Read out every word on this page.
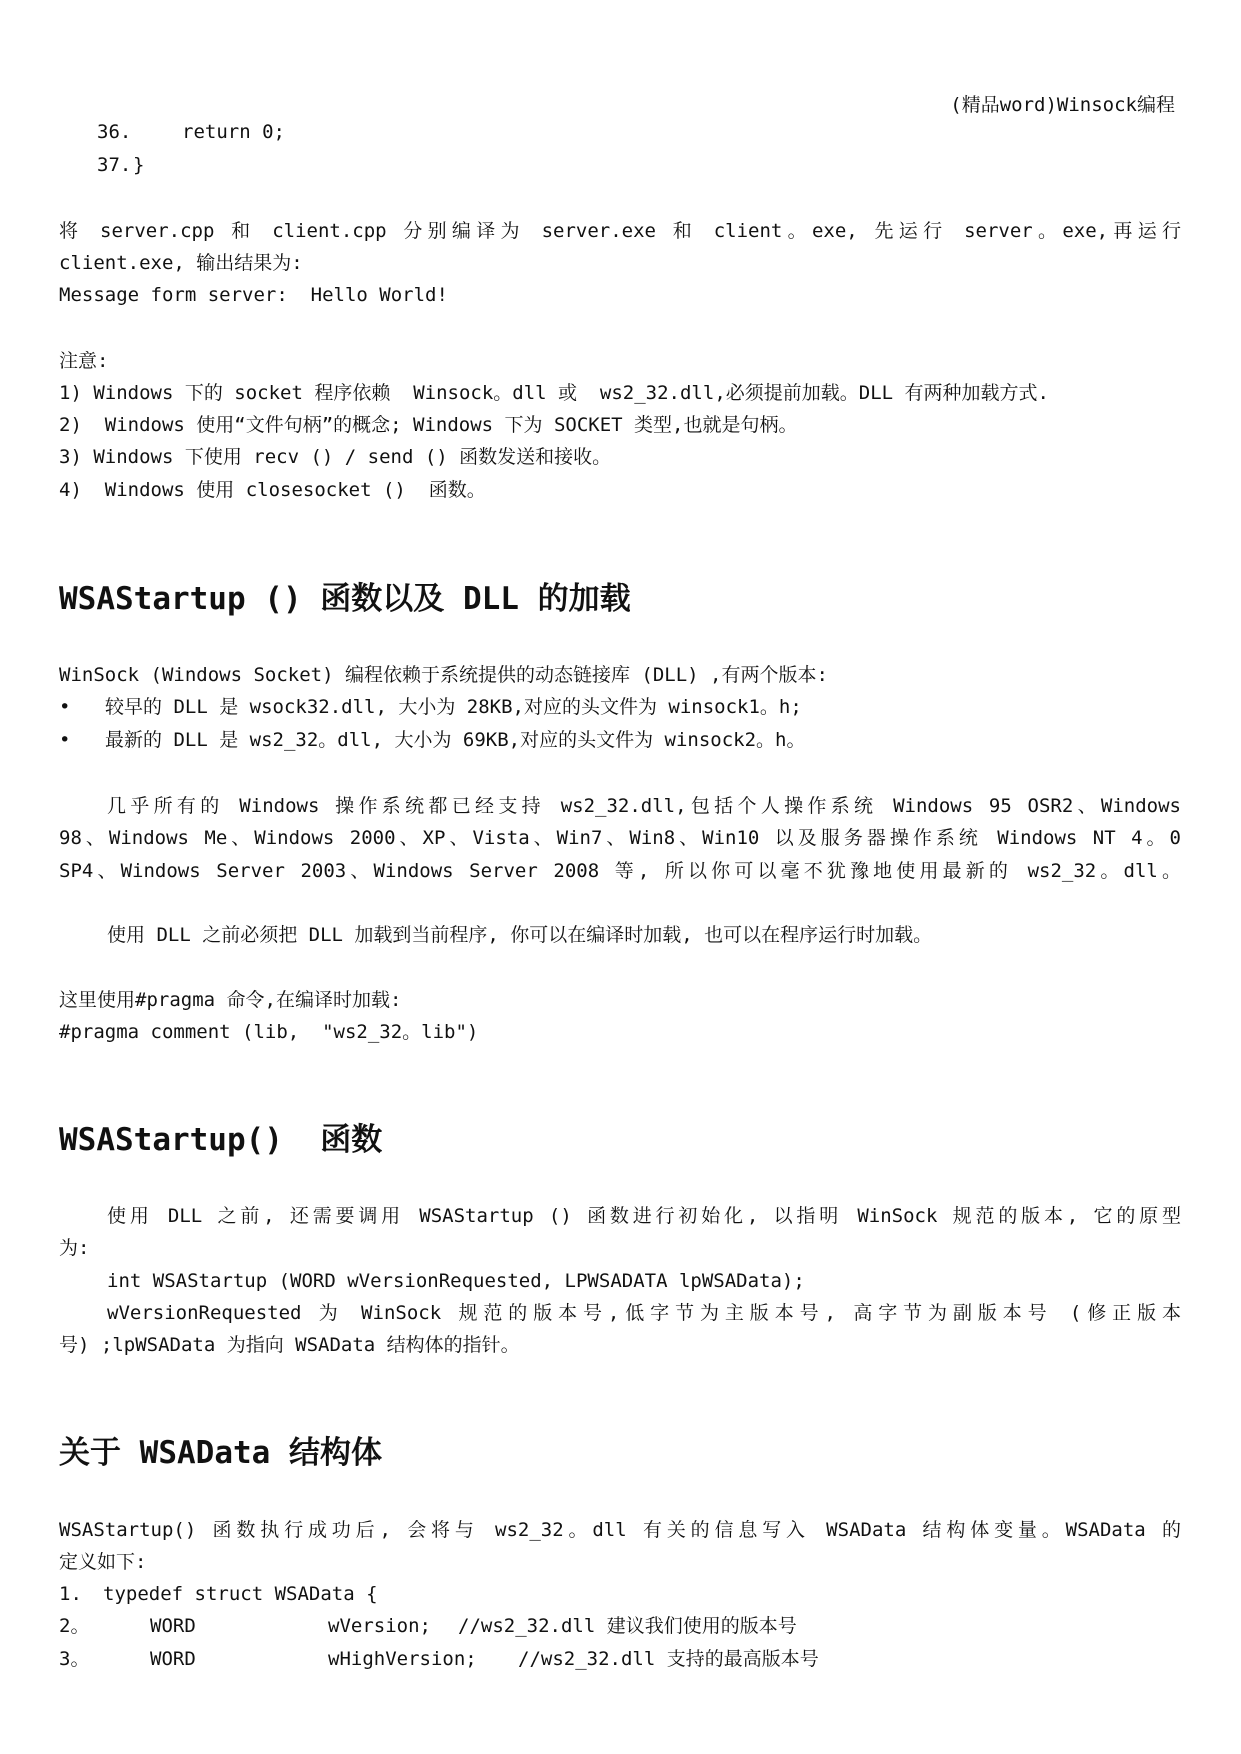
(精品word)Winsock编程
36.	return 0;
37. }
将 server.cpp 和 client.cpp 分别编译为 server.exe 和 client。exe, 先运行 server。exe,再运行
client.exe, 输出结果为:
Message form server:  Hello World!
注意:
1) Windows 下的 socket 程序依赖  Winsock。dll 或  ws2_32.dll,必须提前加载。DLL 有两种加载方式.
2)  Windows 使用“文件句柄”的概念; Windows 下为 SOCKET 类型,也就是句柄。
3) Windows 下使用 recv () / send () 函数发送和接收。
4)  Windows 使用 closesocket ()  函数。
WSAStartup () 函数以及 DLL 的加载
WinSock (Windows Socket) 编程依赖于系统提供的动态链接库 (DLL) ,有两个版本:
• 较早的 DLL 是 wsock32.dll, 大小为 28KB,对应的头文件为 winsock1。h;
• 最新的 DLL 是 ws2_32。dll, 大小为 69KB,对应的头文件为 winsock2。h。
几乎所有的 Windows 操作系统都已经支持 ws2_32.dll,包括个人操作系统 Windows 95 OSR2、Windows
98、Windows Me、Windows 2000、XP、Vista、Win7、Win8、Win10 以及服务器操作系统 Windows NT 4。0
SP4、Windows Server 2003、Windows Server 2008 等, 所以你可以毫不犹豫地使用最新的 ws2_32。dll。
使用 DLL 之前必须把 DLL 加载到当前程序, 你可以在编译时加载, 也可以在程序运行时加载。
这里使用#pragma 命令,在编译时加载:
#pragma comment (lib,  "ws2_32。lib")
WSAStartup()  函数
使用 DLL 之前, 还需要调用 WSAStartup () 函数进行初始化, 以指明 WinSock 规范的版本, 它的原型
为:
int WSAStartup (WORD wVersionRequested, LPWSADATA lpWSAData);
wVersionRequested 为 WinSock 规范的版本号,低字节为主版本号, 高字节为副版本号 (修正版本
号) ;lpWSAData 为指向 WSAData 结构体的指针。
关于 WSAData 结构体
WSAStartup() 函数执行成功后, 会将与 ws2_32。dll 有关的信息写入 WSAData 结构体变量。WSAData 的
定义如下:
1. typedef struct WSAData {
2。	WORD	wVersion; //ws2_32.dll 建议我们使用的版本号
3。	WORD	wHighVersion; //ws2_32.dll 支持的最高版本号
